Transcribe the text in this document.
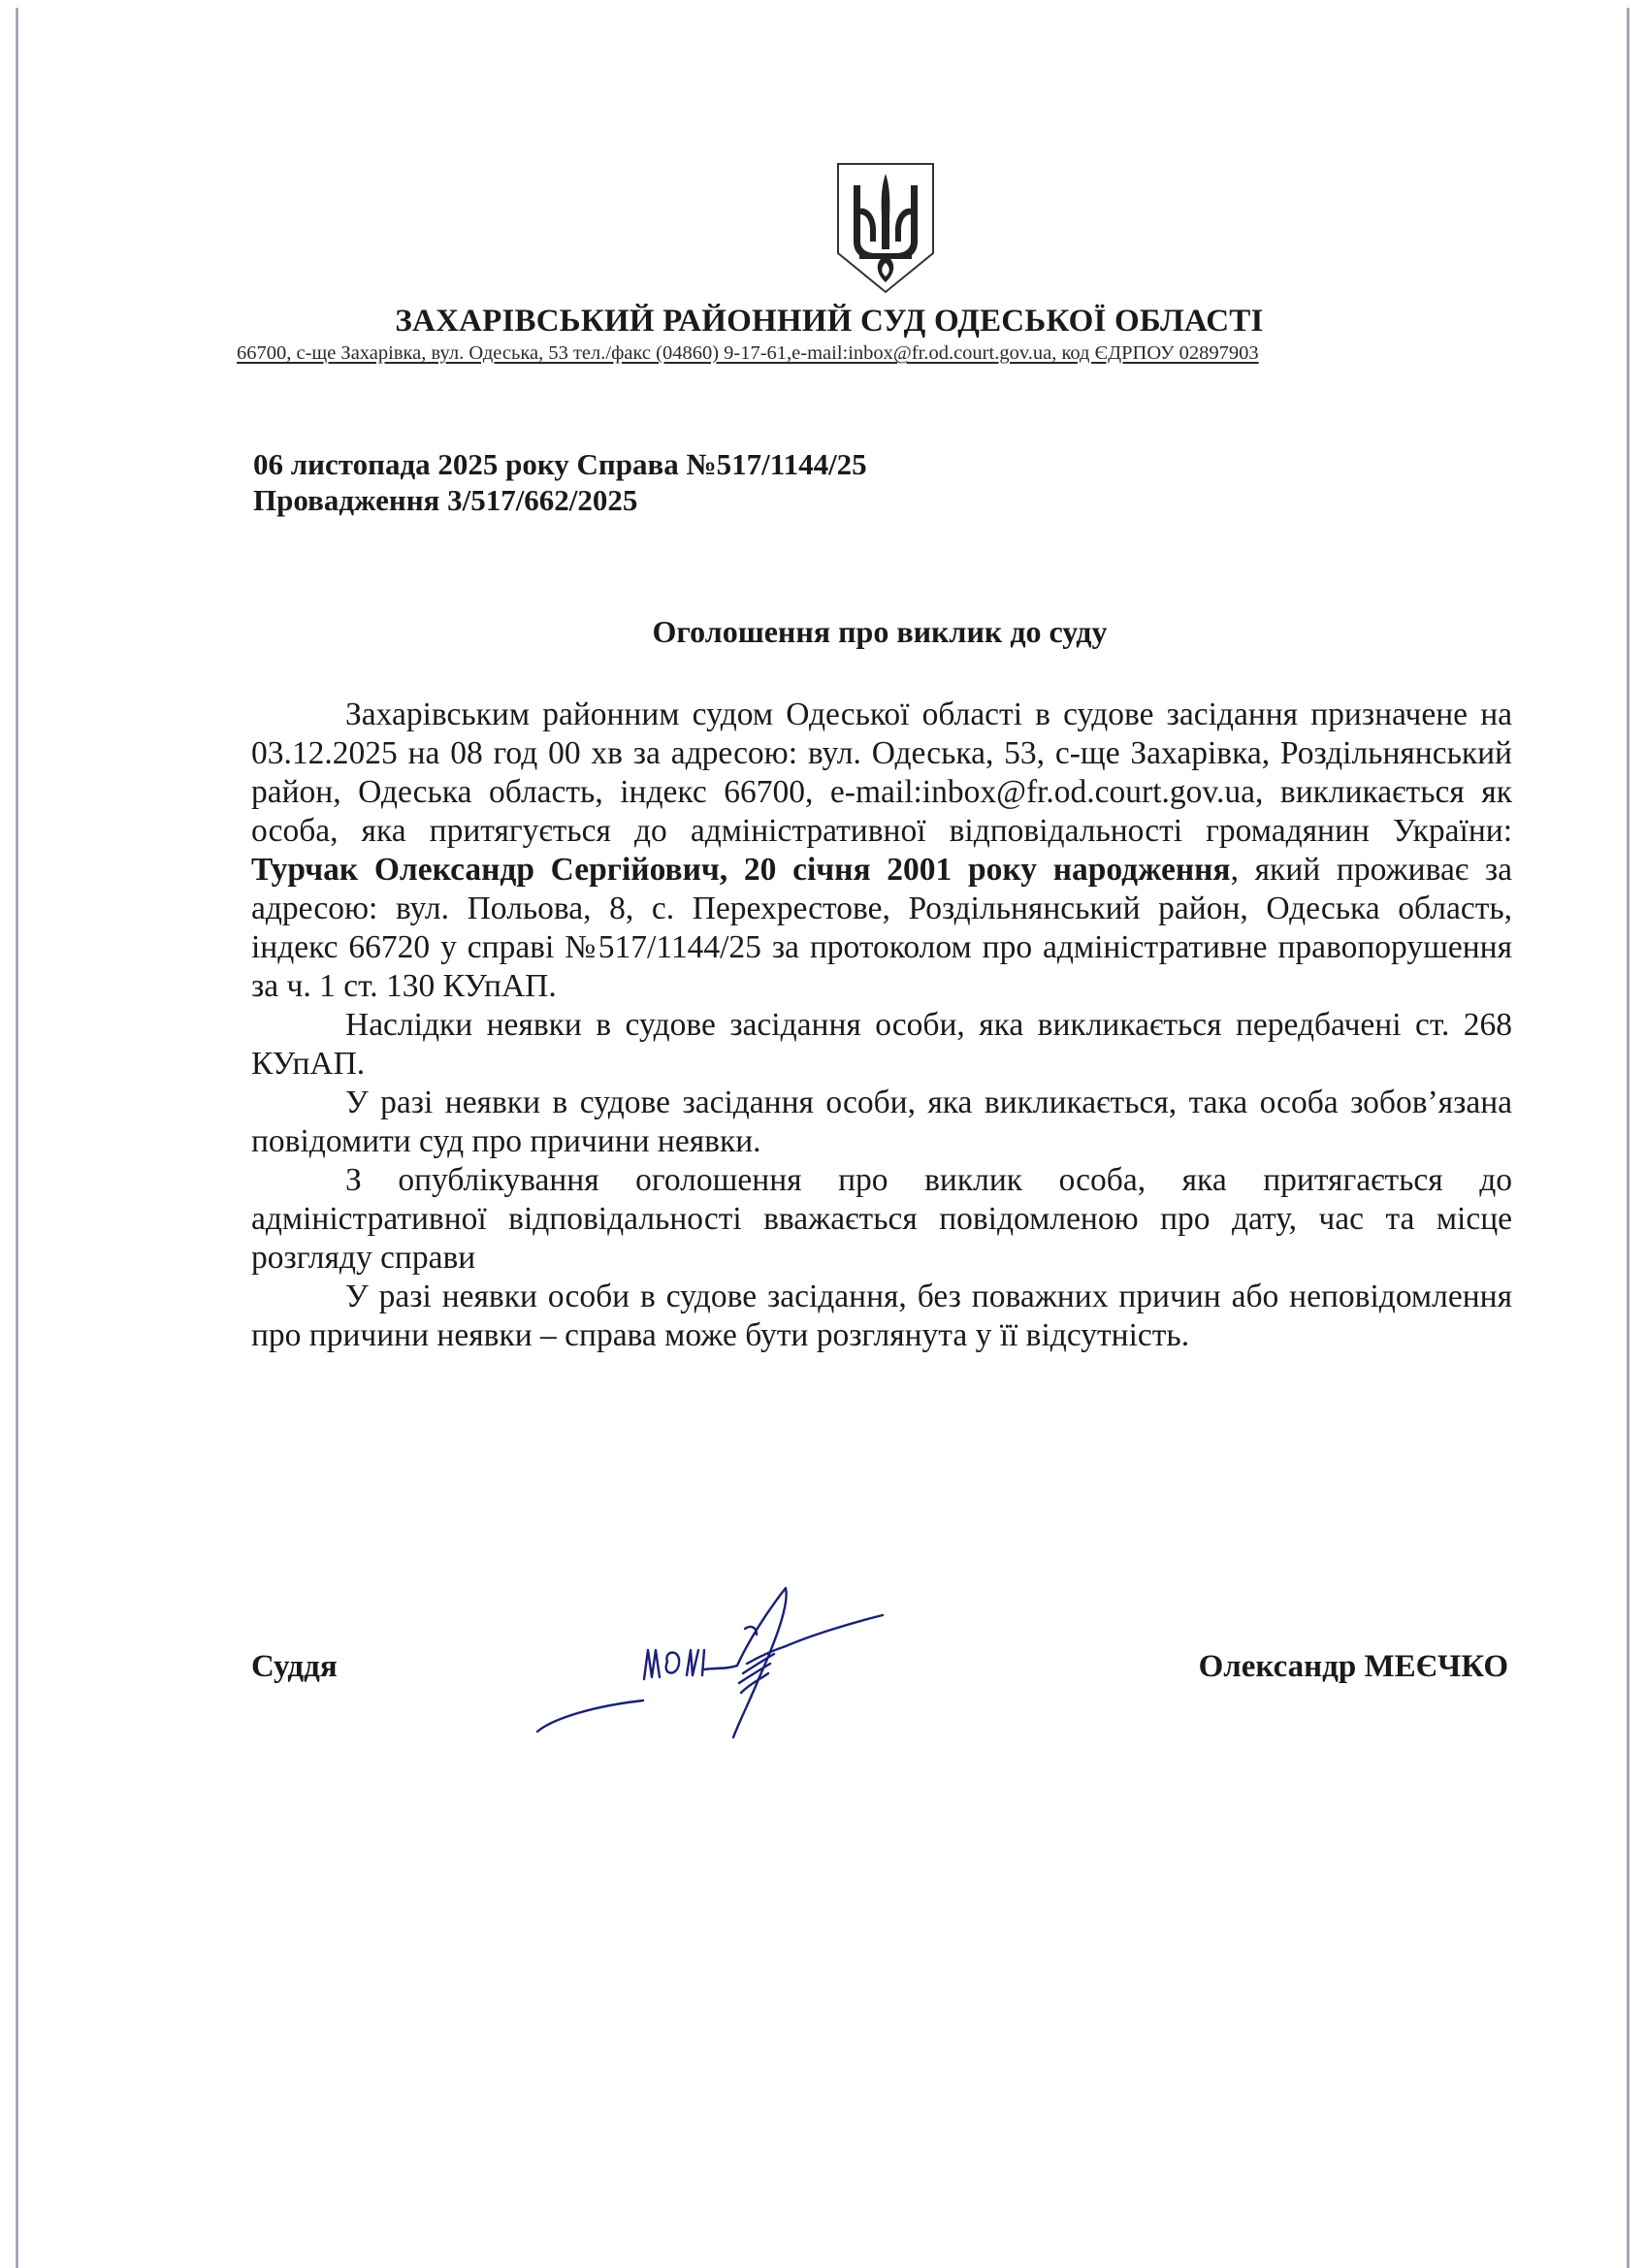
ЗАХАРІВСЬКИЙ РАЙОННИЙ СУД ОДЕСЬКОЇ ОБЛАСТІ
66700, с-ще Захарівка, вул. Одеська, 53 тел./факс (04860) 9-17-61,e-mail:inbox@fr.od.court.gov.ua, код ЄДРПОУ 02897903
06 листопада 2025 року Справа №517/1144/25
Провадження 3/517/662/2025
Оголошення про виклик до суду

Захарівським районним судом Одеської області в судове засідання призначене на 03.12.2025 на 08 год 00 хв за адресою: вул. Одеська, 53, с-ще Захарівка, Роздільнянський район, Одеська область, індекс 66700, e-mail:inbox@fr.od.court.gov.ua, викликається як особа, яка притягується до адміністративної відповідальності громадянин України: Турчак Олександр Сергійович, 20 січня 2001 року народження, який проживає за адресою: вул. Польова, 8, с. Перехрестове, Роздільнянський район, Одеська область, індекс 66720 у справі №517/1144/25 за протоколом про адміністративне правопорушення за ч. 1 ст. 130 КУпАП.

Наслідки неявки в судове засідання особи, яка викликається передбачені ст. 268 КУпАП.

У разі неявки в судове засідання особи, яка викликається, така особа зобов’язана повідомити суд про причини неявки.

З опублікування оголошення про виклик особа, яка притягається до адміністративної відповідальності вважається повідомленою про дату, час та місце розгляду справи

У разі неявки особи в судове засідання, без поважних причин або неповідомлення про причини неявки – справа може бути розглянута у її відсутність.

Суддя	Олександр МЕЄЧКО
